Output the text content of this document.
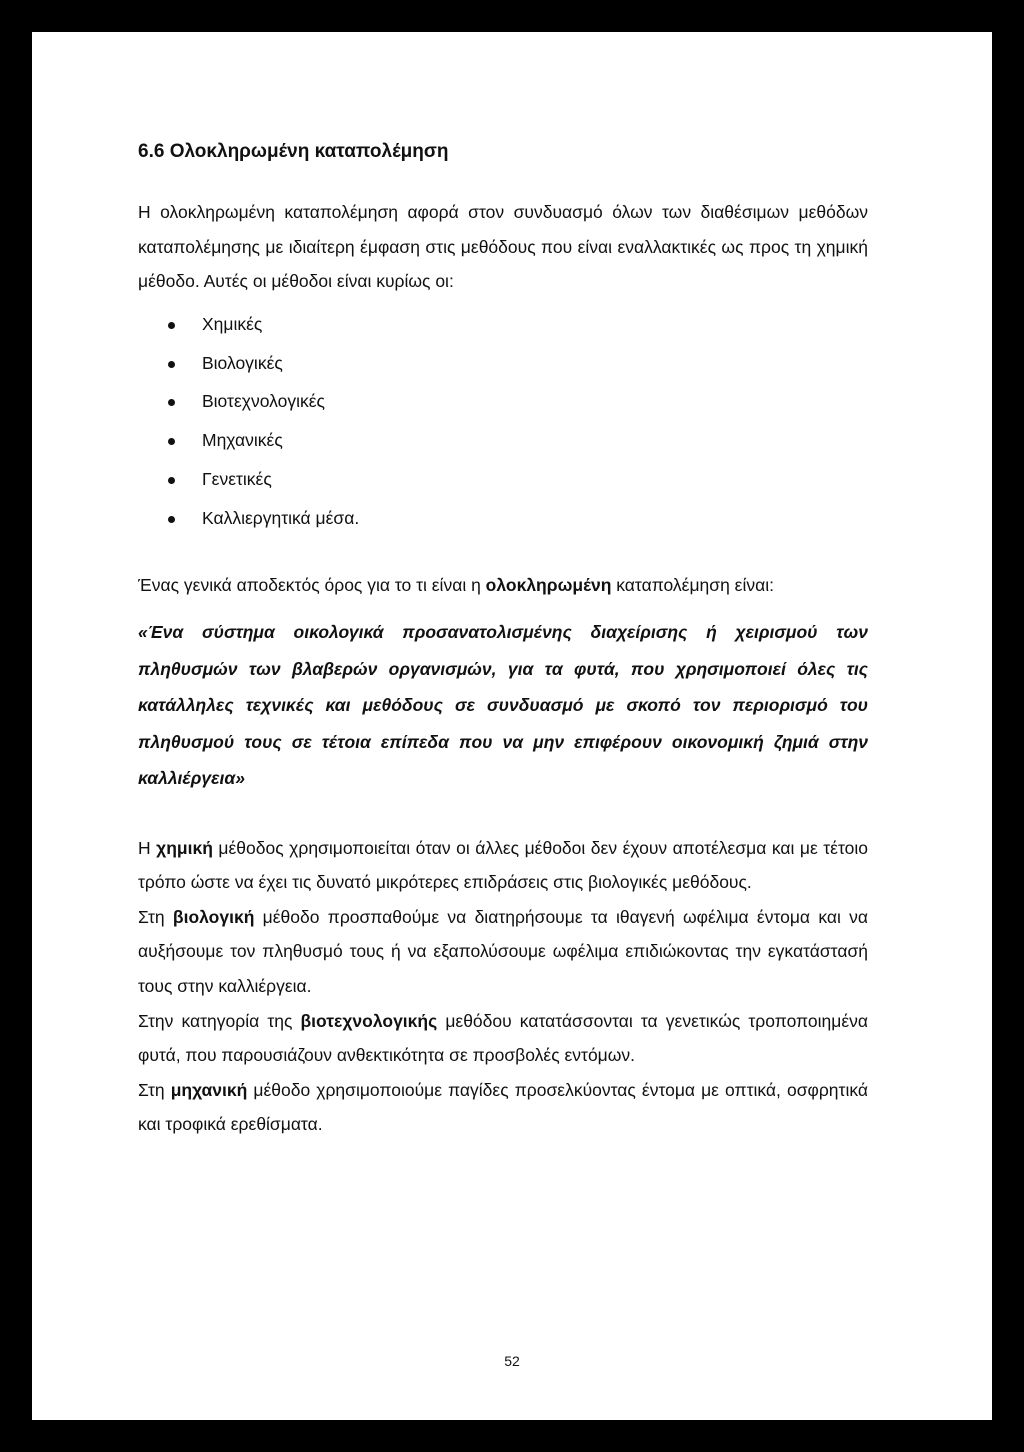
6.6 Ολοκληρωμένη καταπολέμηση

Η ολοκληρωμένη καταπολέμηση αφορά στον συνδυασμό όλων των διαθέσιμων μεθόδων καταπολέμησης με ιδιαίτερη έμφαση στις μεθόδους που είναι εναλλακτικές ως προς τη χημική μέθοδο. Αυτές οι μέθοδοι είναι κυρίως οι:

Χημικές
Βιολογικές
Βιοτεχνολογικές
Μηχανικές
Γενετικές
Καλλιεργητικά μέσα.

Ένας γενικά αποδεκτός όρος για το τι είναι η ολοκληρωμένη καταπολέμηση είναι:

«Ένα σύστημα οικολογικά προσανατολισμένης διαχείρισης ή χειρισμού των πληθυσμών των βλαβερών οργανισμών, για τα φυτά, που χρησιμοποιεί όλες τις κατάλληλες τεχνικές και μεθόδους σε συνδυασμό με σκοπό τον περιορισμό του πληθυσμού τους σε τέτοια επίπεδα που να μην επιφέρουν οικονομική ζημιά στην καλλιέργεια»

Η χημική μέθοδος χρησιμοποιείται όταν οι άλλες μέθοδοι δεν έχουν αποτέλεσμα και με τέτοιο τρόπο ώστε να έχει τις δυνατό μικρότερες επιδράσεις στις βιολογικές μεθόδους.

Στη βιολογική μέθοδο προσπαθούμε να διατηρήσουμε τα ιθαγενή ωφέλιμα έντομα και να αυξήσουμε τον πληθυσμό τους ή να εξαπολύσουμε ωφέλιμα επιδιώκοντας την εγκατάστασή τους στην καλλιέργεια.

Στην κατηγορία της βιοτεχνολογικής μεθόδου κατατάσσονται τα γενετικώς τροποποιημένα φυτά, που παρουσιάζουν ανθεκτικότητα σε προσβολές εντόμων.

Στη μηχανική μέθοδο χρησιμοποιούμε παγίδες προσελκύοντας έντομα με οπτικά, οσφρητικά και τροφικά ερεθίσματα.

52
